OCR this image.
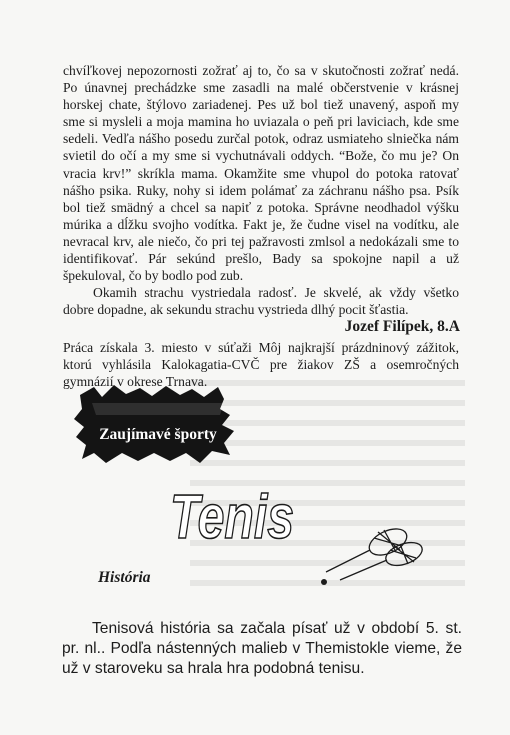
chvíľkovej nepozornosti zožrať aj to, čo sa v skutočnosti zožrať nedá. Po únavnej prechádzke sme zasadli na malé občerstvenie v krásnej horskej chate, štýlovo zariadenej. Pes už bol tiež unavený, aspoň my sme si mysleli a moja mamina ho uviazala o peň pri laviciach, kde sme sedeli. Vedľa nášho posedu zurčal potok, odraz usmiateho slniečka nám svietil do očí a my sme si vychutnávali oddych. “Bože, čo mu je? On vracia krv!” skríkla mama. Okamžite sme vhupol do potoka ratovať nášho psika. Ruky, nohy si idem polámať za záchranu nášho psa. Psík bol tiež smädný a chcel sa napiť z potoka. Správne neodhadol výšku múrika a dĺžku svojho vodítka. Fakt je, že čudne visel na vodítku, ale nevracal krv, ale niečo, čo pri tej pažravosti zmlsol a nedokázali sme to identifikovať. Pár sekúnd prešlo, Bady sa spokojne napil a už špekuloval, čo by bodlo pod zub.

Okamih strachu vystriedala radosť. Je skvelé, ak vždy všetko dobre dopadne, ak sekundu strachu vystrieda dlhý pocit šťastia.

Jozef Filípek, 8.A

Práca získala 3. miesto v súťaži Môj najkrajší prázdninový zážitok, ktorú vyhlásila Kalokagatia-CVČ pre žiakov ZŠ a osemročných gymnázií v okrese Trnava.

Zaujímavé športy
Tenis
História

Tenisová história sa začala písať už v období 5. st. pr. nl.. Podľa nástenných malieb v Themistokle vieme, že už v staroveku sa hrala hra podobná tenisu.
